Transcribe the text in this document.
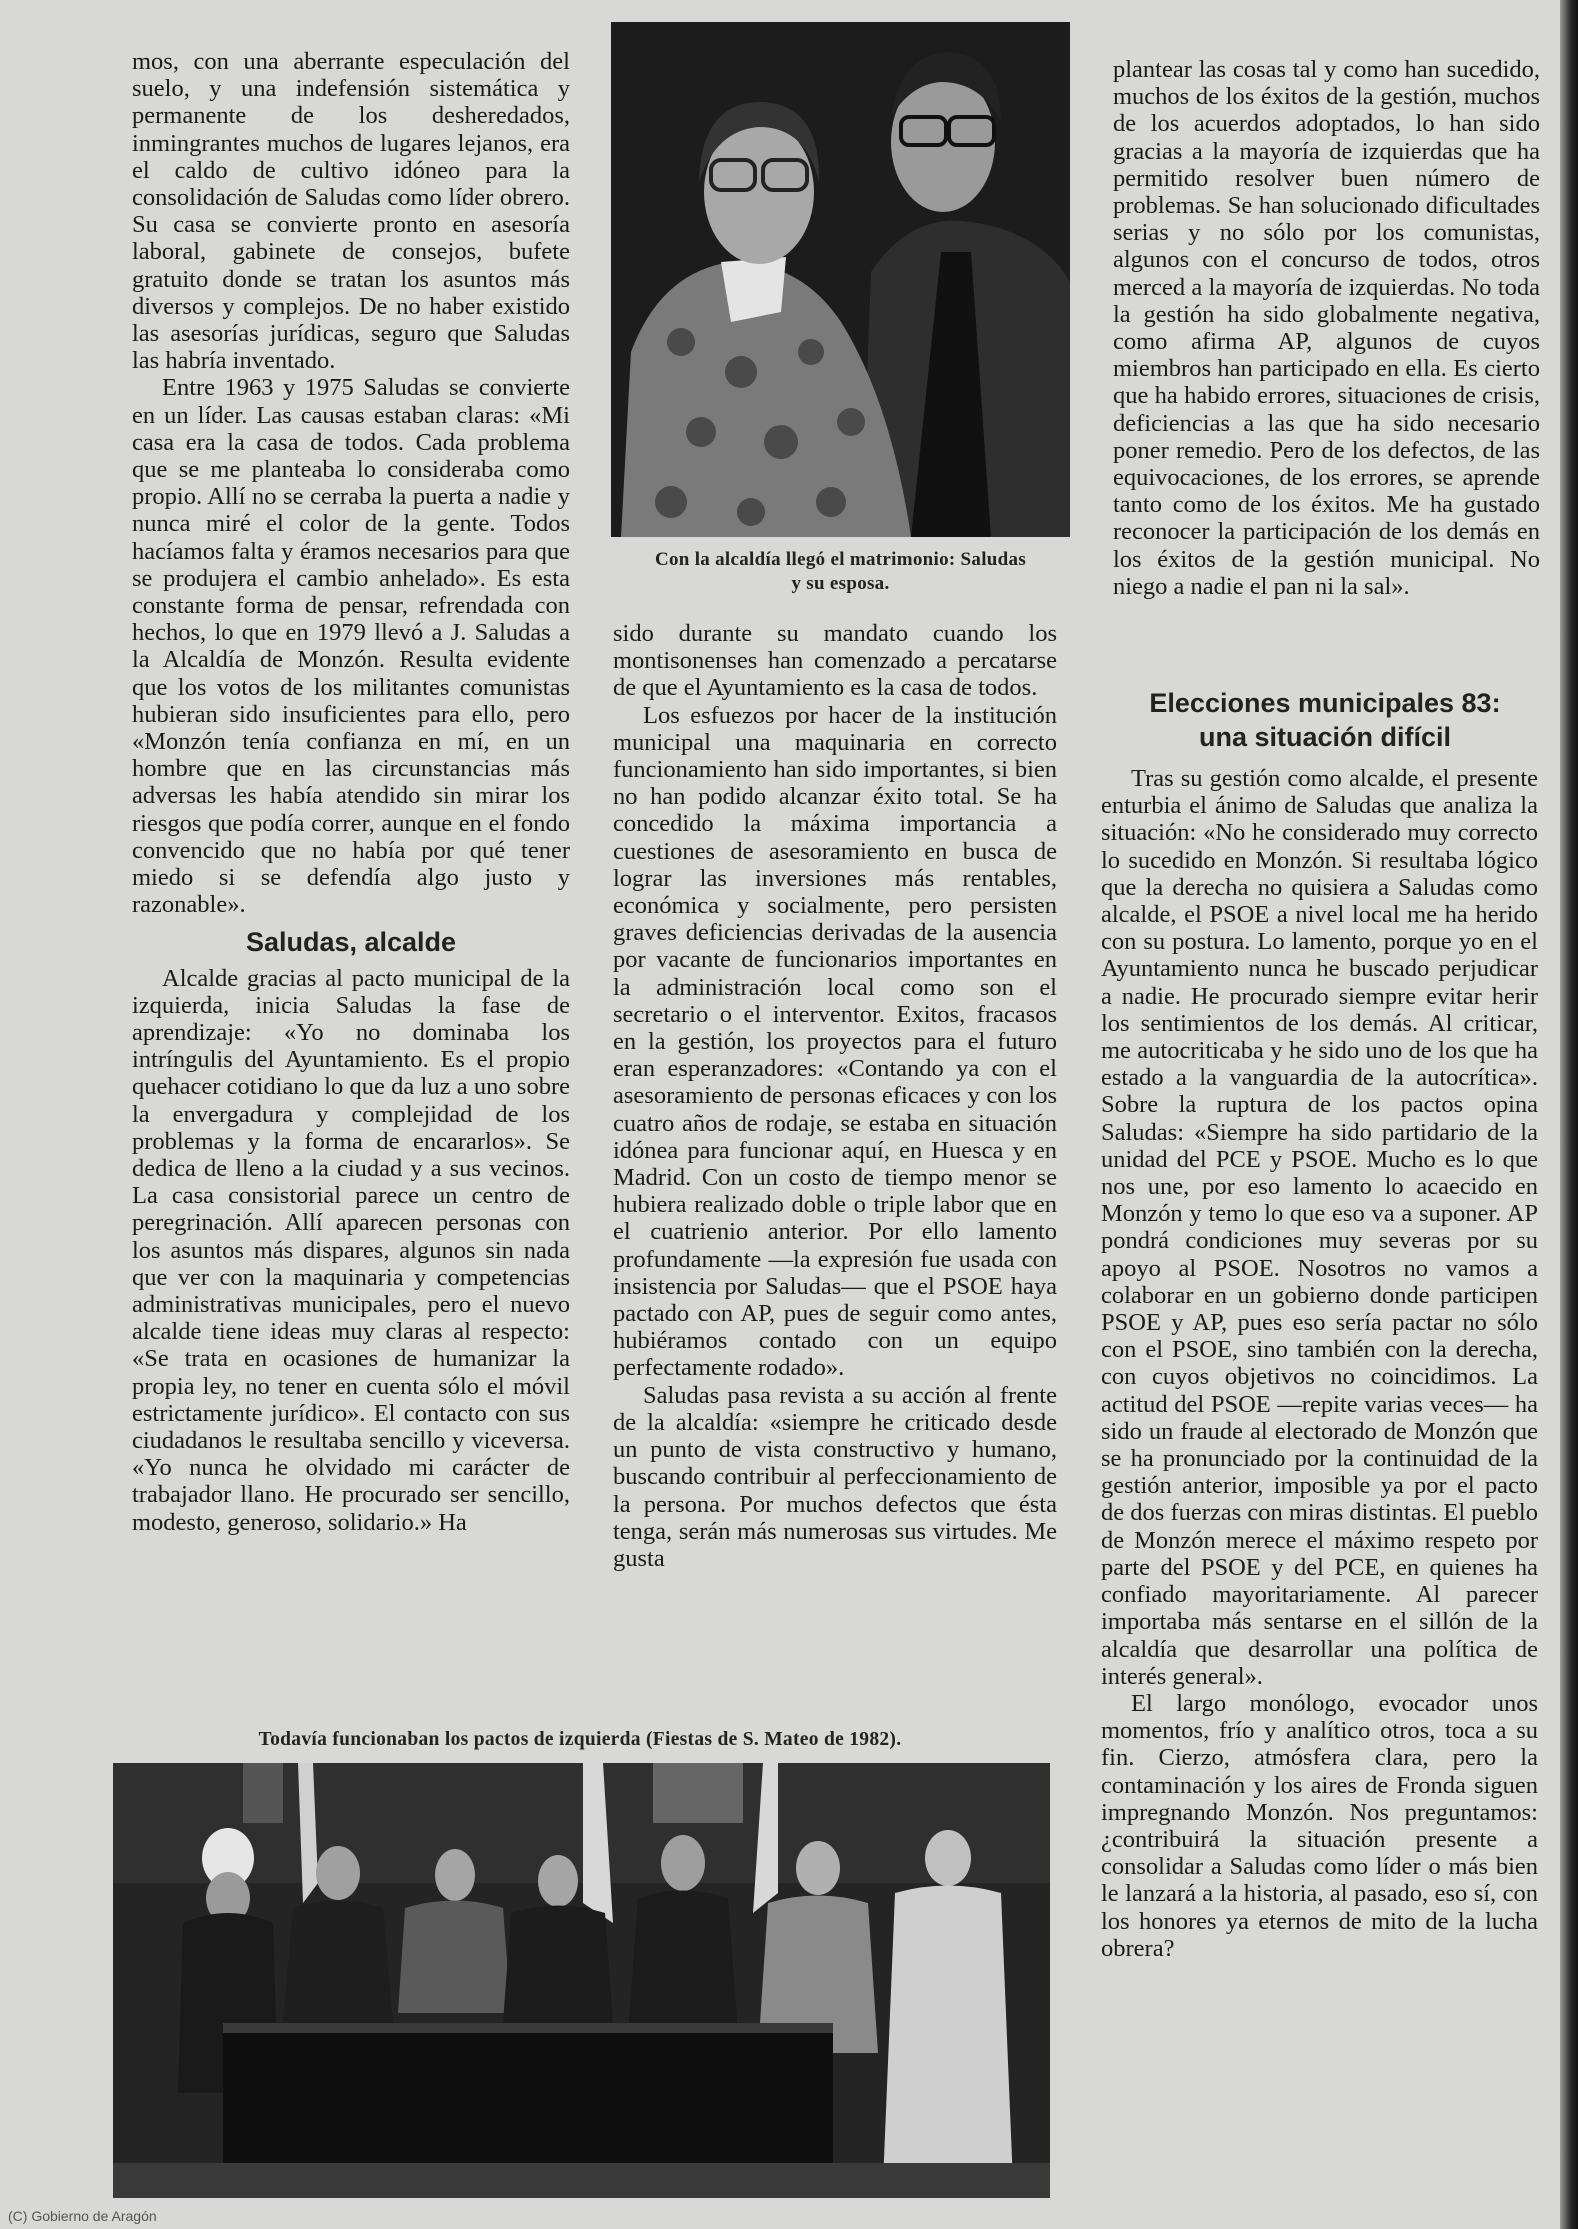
Con la alcaldía llegó el matrimonio: Saludas
y su esposa.

mos, con una aberrante especulación del suelo, y una indefensión sistemática y permanente de los desheredados, inmingrantes muchos de lugares lejanos, era el caldo de cultivo idóneo para la consolidación de Saludas como líder obrero. Su casa se convierte pronto en asesoría laboral, gabinete de consejos, bufete gratuito donde se tratan los asuntos más diversos y complejos. De no haber existido las asesorías jurídicas, seguro que Saludas las habría inventado.

Entre 1963 y 1975 Saludas se convierte en un líder. Las causas estaban claras: «Mi casa era la casa de todos. Cada problema que se me planteaba lo consideraba como propio. Allí no se cerraba la puerta a nadie y nunca miré el color de la gente. Todos hacíamos falta y éramos necesarios para que se produjera el cambio anhelado». Es esta constante forma de pensar, refrendada con hechos, lo que en 1979 llevó a J. Saludas a la Alcaldía de Monzón. Resulta evidente que los votos de los militantes comunistas hubieran sido insuficientes para ello, pero «Monzón tenía confianza en mí, en un hombre que en las circunstancias más adversas les había atendido sin mirar los riesgos que podía correr, aunque en el fondo convencido que no había por qué tener miedo si se defendía algo justo y razonable».

Saludas, alcalde

Alcalde gracias al pacto municipal de la izquierda, inicia Saludas la fase de aprendizaje: «Yo no dominaba los intríngulis del Ayuntamiento. Es el propio quehacer cotidiano lo que da luz a uno sobre la envergadura y complejidad de los problemas y la forma de encararlos». Se dedica de lleno a la ciudad y a sus vecinos. La casa consistorial parece un centro de peregrinación. Allí aparecen personas con los asuntos más dispares, algunos sin nada que ver con la maquinaria y competencias administrativas municipales, pero el nuevo alcalde tiene ideas muy claras al respecto: «Se trata en ocasiones de humanizar la propia ley, no tener en cuenta sólo el móvil estrictamente jurídico». El contacto con sus ciudadanos le resultaba sencillo y viceversa. «Yo nunca he olvidado mi carácter de trabajador llano. He procurado ser sencillo, modesto, generoso, solidario.» Ha

sido durante su mandato cuando los montisonenses han comenzado a percatarse de que el Ayuntamiento es la casa de todos.

Los esfuezos por hacer de la institución municipal una maquinaria en correcto funcionamiento han sido importantes, si bien no han podido alcanzar éxito total. Se ha concedido la máxima importancia a cuestiones de asesoramiento en busca de lograr las inversiones más rentables, económica y socialmente, pero persisten graves deficiencias derivadas de la ausencia por vacante de funcionarios importantes en la administración local como son el secretario o el interventor. Exitos, fracasos en la gestión, los proyectos para el futuro eran esperanzadores: «Contando ya con el asesoramiento de personas eficaces y con los cuatro años de rodaje, se estaba en situación idónea para funcionar aquí, en Huesca y en Madrid. Con un costo de tiempo menor se hubiera realizado doble o triple labor que en el cuatrienio anterior. Por ello lamento profundamente —la expresión fue usada con insistencia por Saludas— que el PSOE haya pactado con AP, pues de seguir como antes, hubiéramos contado con un equipo perfectamente rodado».

Saludas pasa revista a su acción al frente de la alcaldía: «siempre he criticado desde un punto de vista constructivo y humano, buscando contribuir al perfeccionamiento de la persona. Por muchos defectos que ésta tenga, serán más numerosas sus virtudes. Me gusta

plantear las cosas tal y como han sucedido, muchos de los éxitos de la gestión, muchos de los acuerdos adoptados, lo han sido gracias a la mayoría de izquierdas que ha permitido resolver buen número de problemas. Se han solucionado dificultades serias y no sólo por los comunistas, algunos con el concurso de todos, otros merced a la mayoría de izquierdas. No toda la gestión ha sido globalmente negativa, como afirma AP, algunos de cuyos miembros han participado en ella. Es cierto que ha habido errores, situaciones de crisis, deficiencias a las que ha sido necesario poner remedio. Pero de los defectos, de las equivocaciones, de los errores, se aprende tanto como de los éxitos. Me ha gustado reconocer la participación de los demás en los éxitos de la gestión municipal. No niego a nadie el pan ni la sal».

Elecciones municipales 83:
una situación difícil

Tras su gestión como alcalde, el presente enturbia el ánimo de Saludas que analiza la situación: «No he considerado muy correcto lo sucedido en Monzón. Si resultaba lógico que la derecha no quisiera a Saludas como alcalde, el PSOE a nivel local me ha herido con su postura. Lo lamento, porque yo en el Ayuntamiento nunca he buscado perjudicar a nadie. He procurado siempre evitar herir los sentimientos de los demás. Al criticar, me autocriticaba y he sido uno de los que ha estado a la vanguardia de la autocrítica». Sobre la ruptura de los pactos opina Saludas: «Siempre ha sido partidario de la unidad del PCE y PSOE. Mucho es lo que nos une, por eso lamento lo acaecido en Monzón y temo lo que eso va a suponer. AP pondrá condiciones muy severas por su apoyo al PSOE. Nosotros no vamos a colaborar en un gobierno donde participen PSOE y AP, pues eso sería pactar no sólo con el PSOE, sino también con la derecha, con cuyos objetivos no coincidimos. La actitud del PSOE —repite varias veces— ha sido un fraude al electorado de Monzón que se ha pronunciado por la continuidad de la gestión anterior, imposible ya por el pacto de dos fuerzas con miras distintas. El pueblo de Monzón merece el máximo respeto por parte del PSOE y del PCE, en quienes ha confiado mayoritariamente. Al parecer importaba más sentarse en el sillón de la alcaldía que desarrollar una política de interés general».

El largo monólogo, evocador unos momentos, frío y analítico otros, toca a su fin. Cierzo, atmósfera clara, pero la contaminación y los aires de Fronda siguen impregnando Monzón. Nos preguntamos: ¿contribuirá la situación presente a consolidar a Saludas como líder o más bien le lanzará a la historia, al pasado, eso sí, con los honores ya eternos de mito de la lucha obrera?

Todavía funcionaban los pactos de izquierda (Fiestas de S. Mateo de 1982).
(C) Gobierno de Aragón
